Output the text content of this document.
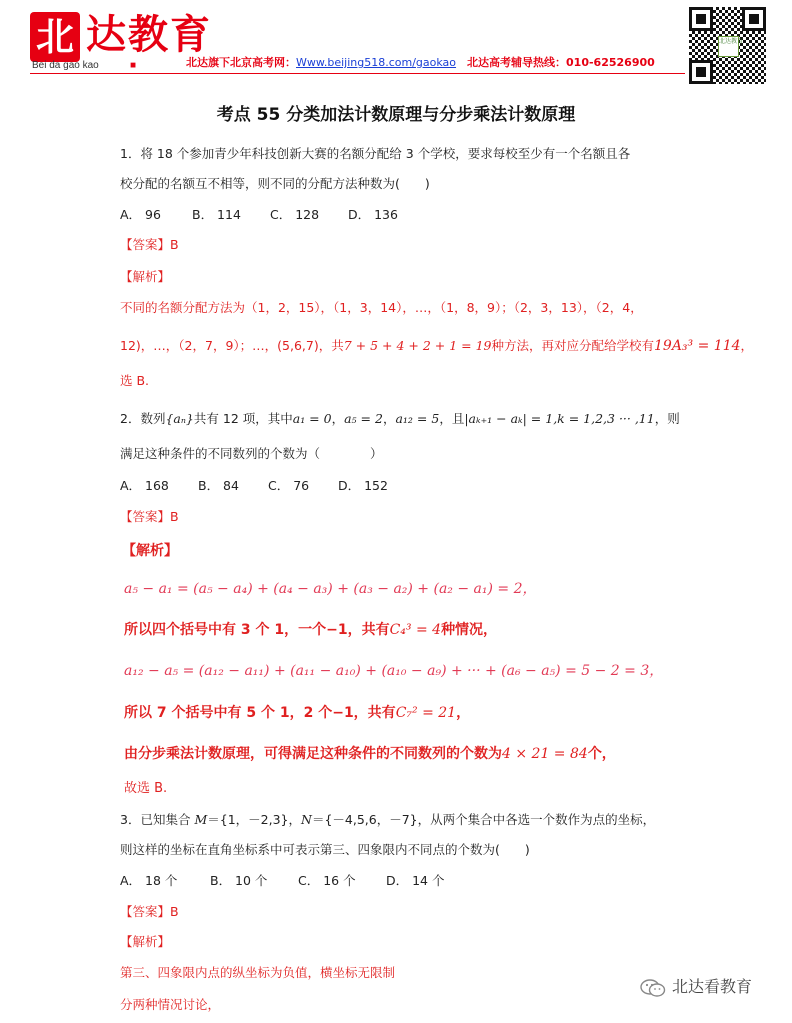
北 达教育
Bei da gao kao	■	北达旗下北京高考网：Www.beijing518.com/gaokao　 北达高考辅导热线：010-62526900
北达教育
考点 55 分类加法计数原理与分步乘法计数原理
1．将 18 个参加青少年科技创新大赛的名额分配给 3 个学校，要求每校至少有一个名额且各
校分配的名额互不相等，则不同的分配方法种数为(　　)
A． 96 B． 114 C． 128 D． 136
【答案】B
【解析】
不同的名额分配方法为（1，2，15），（1，3，14），…，（1，8，9）；（2，3，13），（2，4，
12)，…，（2，7，9）；…，(5,6,7)，共7 + 5 + 4 + 2 + 1 = 19种方法，再对应分配给学校有19A₃³ = 114，
选 B.
2．数列{aₙ}共有 12 项，其中a₁ = 0，a₅ = 2，a₁₂ = 5，且|aₖ₊₁ − aₖ| = 1,k = 1,2,3 ··· ,11，则
满足这种条件的不同数列的个数为（　　　　）
A． 168 B． 84 C． 76 D． 152
【答案】B
【解析】
a₅ − a₁ = (a₅ − a₄) + (a₄ − a₃) + (a₃ − a₂) + (a₂ − a₁) = 2，
所以四个括号中有 3 个 1，一个−1，共有C₄³ = 4种情况，
a₁₂ − a₅ = (a₁₂ − a₁₁) + (a₁₁ − a₁₀) + (a₁₀ − a₉) + ··· + (a₆ − a₅) = 5 − 2 = 3，
所以 7 个括号中有 5 个 1，2 个−1，共有C₇² = 21，
由分步乘法计数原理，可得满足这种条件的不同数列的个数为4 × 21 = 84个，
故选 B.
3．已知集合 M＝{1，－2,3}，N＝{－4,5,6，－7}，从两个集合中各选一个数作为点的坐标，
则这样的坐标在直角坐标系中可表示第三、四象限内不同点的个数为(　　)
A． 18 个	B． 10 个 C． 16 个 D． 14 个
【答案】B
【解析】
第三、四象限内点的纵坐标为负值，横坐标无限制
分两种情况讨论，
北达看教育
